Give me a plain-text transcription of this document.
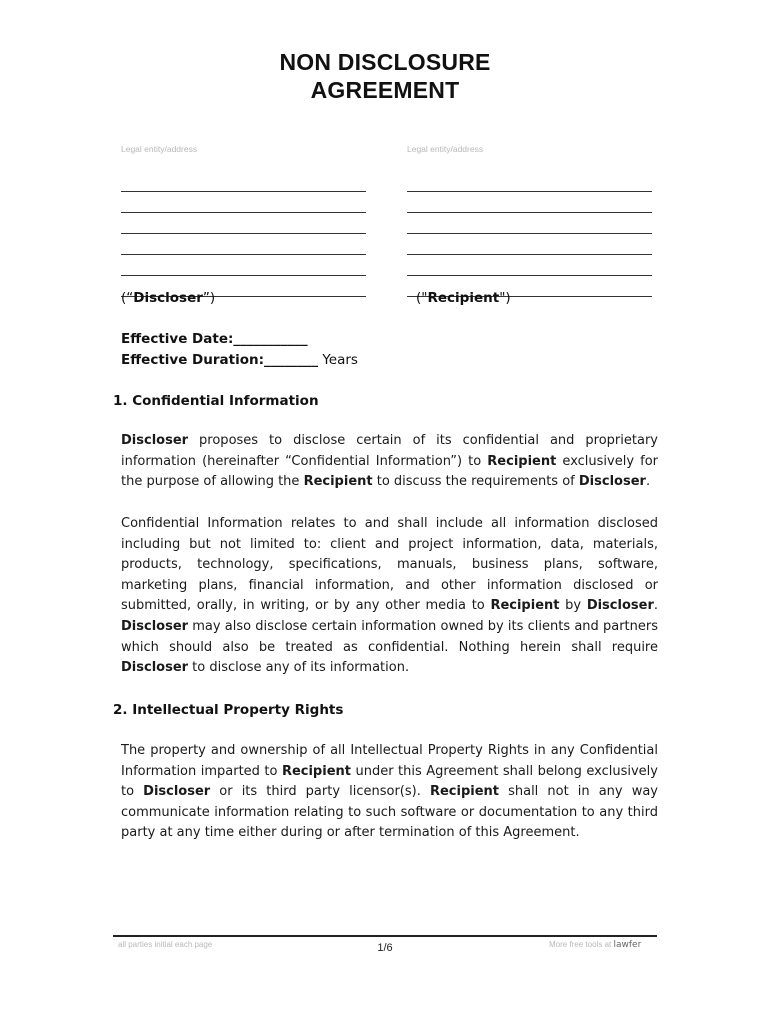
NON DISCLOSURE
AGREEMENT
Legal entity/address	Legal entity/address
(“Discloser”)	("Recipient")
Effective Date:___________
Effective Duration:________ Years
1. Confidential Information
Discloser proposes to disclose certain of its confidential and proprietary information (hereinafter “Confidential Information”) to Recipient exclusively for the purpose of allowing the Recipient to discuss the requirements of Discloser.
Confidential Information relates to and shall include all information disclosed including but not limited to: client and project information, data, materials, products, technology, specifications, manuals, business plans, software, marketing plans, financial information, and other information disclosed or submitted, orally, in writing, or by any other media to Recipient by Discloser. Discloser may also disclose certain information owned by its clients and partners which should also be treated as confidential. Nothing herein shall require Discloser to disclose any of its information.
2. Intellectual Property Rights
The property and ownership of all Intellectual Property Rights in any Confidential Information imparted to Recipient under this Agreement shall belong exclusively to Discloser or its third party licensor(s). Recipient shall not in any way communicate information relating to such software or documentation to any third party at any time either during or after termination of this Agreement.
all parties initial each page	1/6	More free tools at lawfer
